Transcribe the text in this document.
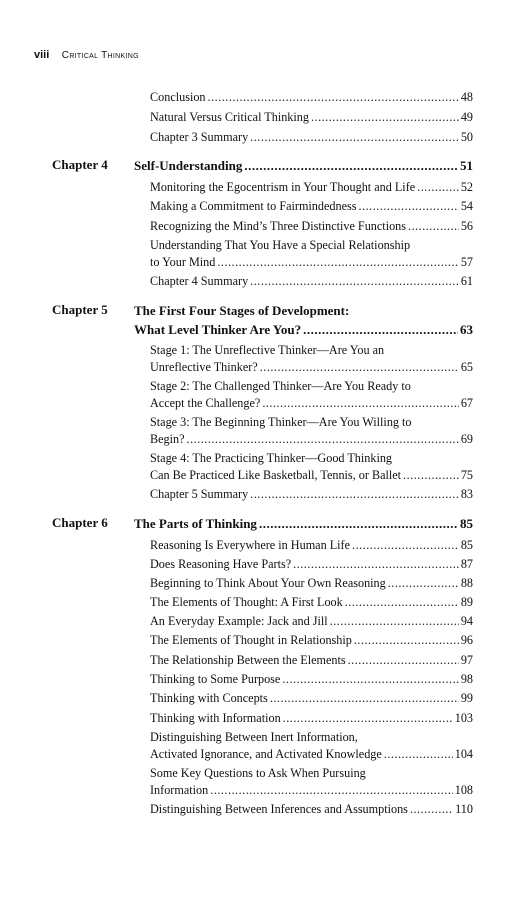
viii Critical Thinking
Conclusion .....	48
Natural Versus Critical Thinking .....	49
Chapter 3 Summary .....	50
Chapter 4 Self-Understanding .....	51
Monitoring the Egocentrism in Your Thought and Life .....	52
Making a Commitment to Fairmindedness .....	54
Recognizing the Mind’s Three Distinctive Functions .....	56
Understanding That You Have a Special Relationship
to Your Mind .....	57
Chapter 4 Summary .....	61
Chapter 5 The First Four Stages of Development:
What Level Thinker Are You? .....	63
Stage 1: The Unreflective Thinker—Are You an
Unreflective Thinker? .....	65
Stage 2: The Challenged Thinker—Are You Ready to
Accept the Challenge? .....	67
Stage 3: The Beginning Thinker—Are You Willing to
Begin? .....	69
Stage 4: The Practicing Thinker—Good Thinking
Can Be Practiced Like Basketball, Tennis, or Ballet .....	75
Chapter 5 Summary .....	83
Chapter 6 The Parts of Thinking .....	85
Reasoning Is Everywhere in Human Life .....	85
Does Reasoning Have Parts? .....	87
Beginning to Think About Your Own Reasoning .....	88
The Elements of Thought: A First Look .....	89
An Everyday Example: Jack and Jill .....	94
The Elements of Thought in Relationship .....	96
The Relationship Between the Elements .....	97
Thinking to Some Purpose .....	98
Thinking with Concepts .....	99
Thinking with Information .....	103
Distinguishing Between Inert Information,
Activated Ignorance, and Activated Knowledge .....	104
Some Key Questions to Ask When Pursuing
Information .....	108
Distinguishing Between Inferences and Assumptions .....	110
